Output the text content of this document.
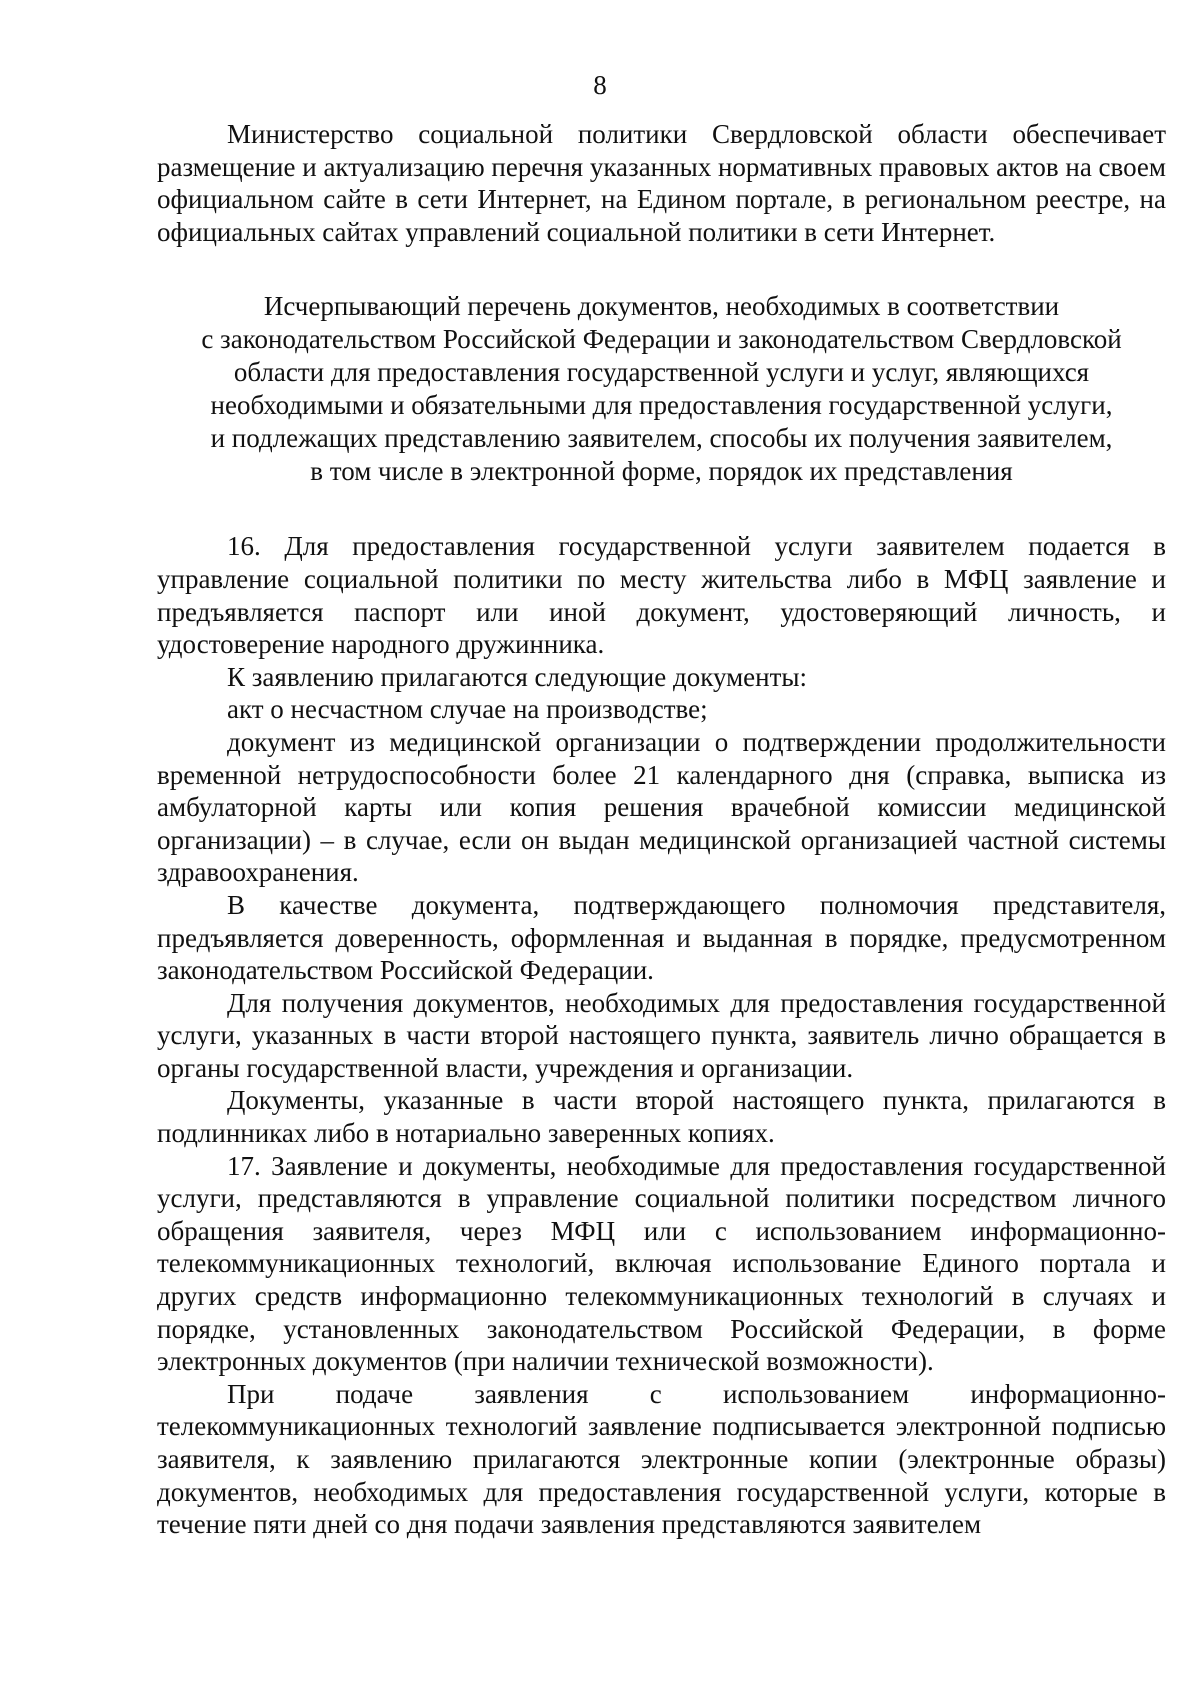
8

Министерство социальной политики Свердловской области обеспечивает размещение и актуализацию перечня указанных нормативных правовых актов на своем официальном сайте в сети Интернет, на Едином портале, в региональном реестре, на официальных сайтах управлений социальной политики в сети Интернет.

Исчерпывающий перечень документов, необходимых в соответствии
с законодательством Российской Федерации и законодательством Свердловской
области для предоставления государственной услуги и услуг, являющихся
необходимыми и обязательными для предоставления государственной услуги,
и подлежащих представлению заявителем, способы их получения заявителем,
в том числе в электронной форме, порядок их представления

16. Для предоставления государственной услуги заявителем подается в управление социальной политики по месту жительства либо в МФЦ заявление и предъявляется паспорт или иной документ, удостоверяющий личность, и удостоверение народного дружинника.

К заявлению прилагаются следующие документы:

акт о несчастном случае на производстве;

документ из медицинской организации о подтверждении продолжительности временной нетрудоспособности более 21 календарного дня (справка, выписка из амбулаторной карты или копия решения врачебной комиссии медицинской организации) – в случае, если он выдан медицинской организацией частной системы здравоохранения.

В качестве документа, подтверждающего полномочия представителя, предъявляется доверенность, оформленная и выданная в порядке, предусмотренном законодательством Российской Федерации.

Для получения документов, необходимых для предоставления государственной услуги, указанных в части второй настоящего пункта, заявитель лично обращается в органы государственной власти, учреждения и организации.

Документы, указанные в части второй настоящего пункта, прилагаются в подлинниках либо в нотариально заверенных копиях.

17. Заявление и документы, необходимые для предоставления государственной услуги, представляются в управление социальной политики посредством личного обращения заявителя, через МФЦ или с использованием информационно-телекоммуникационных технологий, включая использование Единого портала и других средств информационно телекоммуникационных технологий в случаях и порядке, установленных законодательством Российской Федерации, в форме электронных документов (при наличии технической возможности).

При подаче заявления с использованием информационно-телекоммуникационных технологий заявление подписывается электронной подписью заявителя, к заявлению прилагаются электронные копии (электронные образы) документов, необходимых для предоставления государственной услуги, которые в течение пяти дней со дня подачи заявления представляются заявителем
